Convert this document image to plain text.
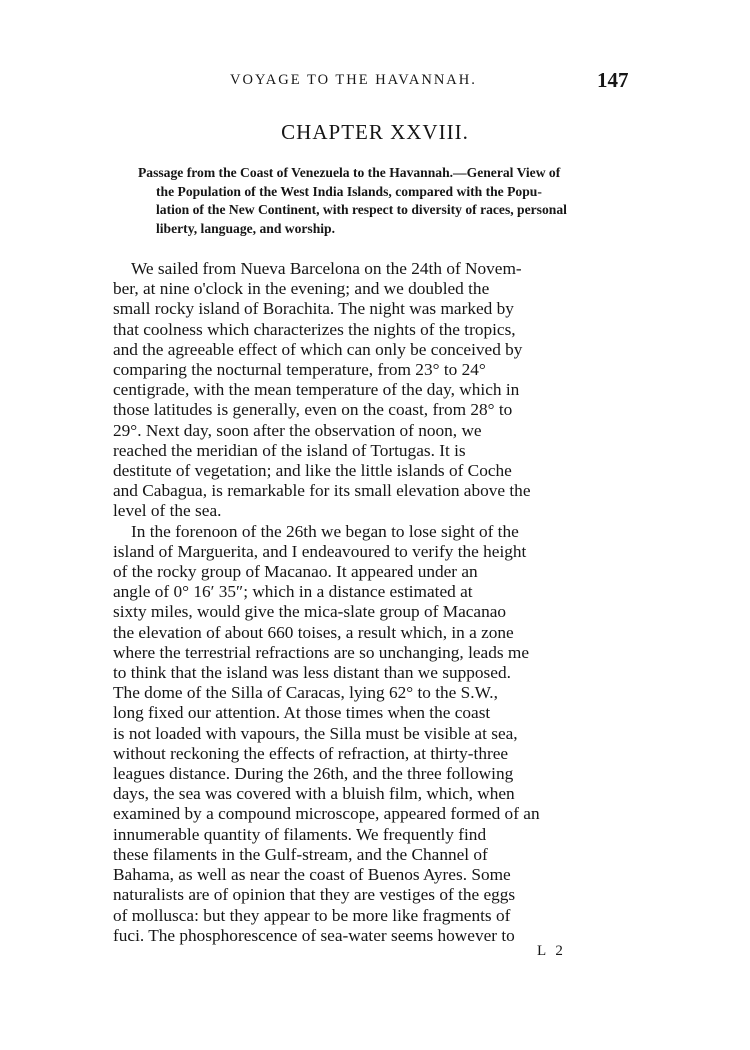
VOYAGE TO THE HAVANNAH.	147
CHAPTER XXVIII.
Passage from the Coast of Venezuela to the Havannah.—General View of
the Population of the West India Islands, compared with the Popu-
lation of the New Continent, with respect to diversity of races, personal
liberty, language, and worship.
We sailed from Nueva Barcelona on the 24th of Novem-
ber, at nine o'clock in the evening; and we doubled the
small rocky island of Borachita. The night was marked by
that coolness which characterizes the nights of the tropics,
and the agreeable effect of which can only be conceived by
comparing the nocturnal temperature, from 23° to 24°
centigrade, with the mean temperature of the day, which in
those latitudes is generally, even on the coast, from 28° to
29°. Next day, soon after the observation of noon, we
reached the meridian of the island of Tortugas. It is
destitute of vegetation; and like the little islands of Coche
and Cabagua, is remarkable for its small elevation above the
level of the sea.
In the forenoon of the 26th we began to lose sight of the
island of Marguerita, and I endeavoured to verify the height
of the rocky group of Macanao. It appeared under an
angle of 0° 16′ 35″; which in a distance estimated at
sixty miles, would give the mica-slate group of Macanao
the elevation of about 660 toises, a result which, in a zone
where the terrestrial refractions are so unchanging, leads me
to think that the island was less distant than we supposed.
The dome of the Silla of Caracas, lying 62° to the S.W.,
long fixed our attention. At those times when the coast
is not loaded with vapours, the Silla must be visible at sea,
without reckoning the effects of refraction, at thirty-three
leagues distance. During the 26th, and the three following
days, the sea was covered with a bluish film, which, when
examined by a compound microscope, appeared formed of an
innumerable quantity of filaments. We frequently find
these filaments in the Gulf-stream, and the Channel of
Bahama, as well as near the coast of Buenos Ayres. Some
naturalists are of opinion that they are vestiges of the eggs
of mollusca: but they appear to be more like fragments of
fuci. The phosphorescence of sea-water seems however to
L 2
